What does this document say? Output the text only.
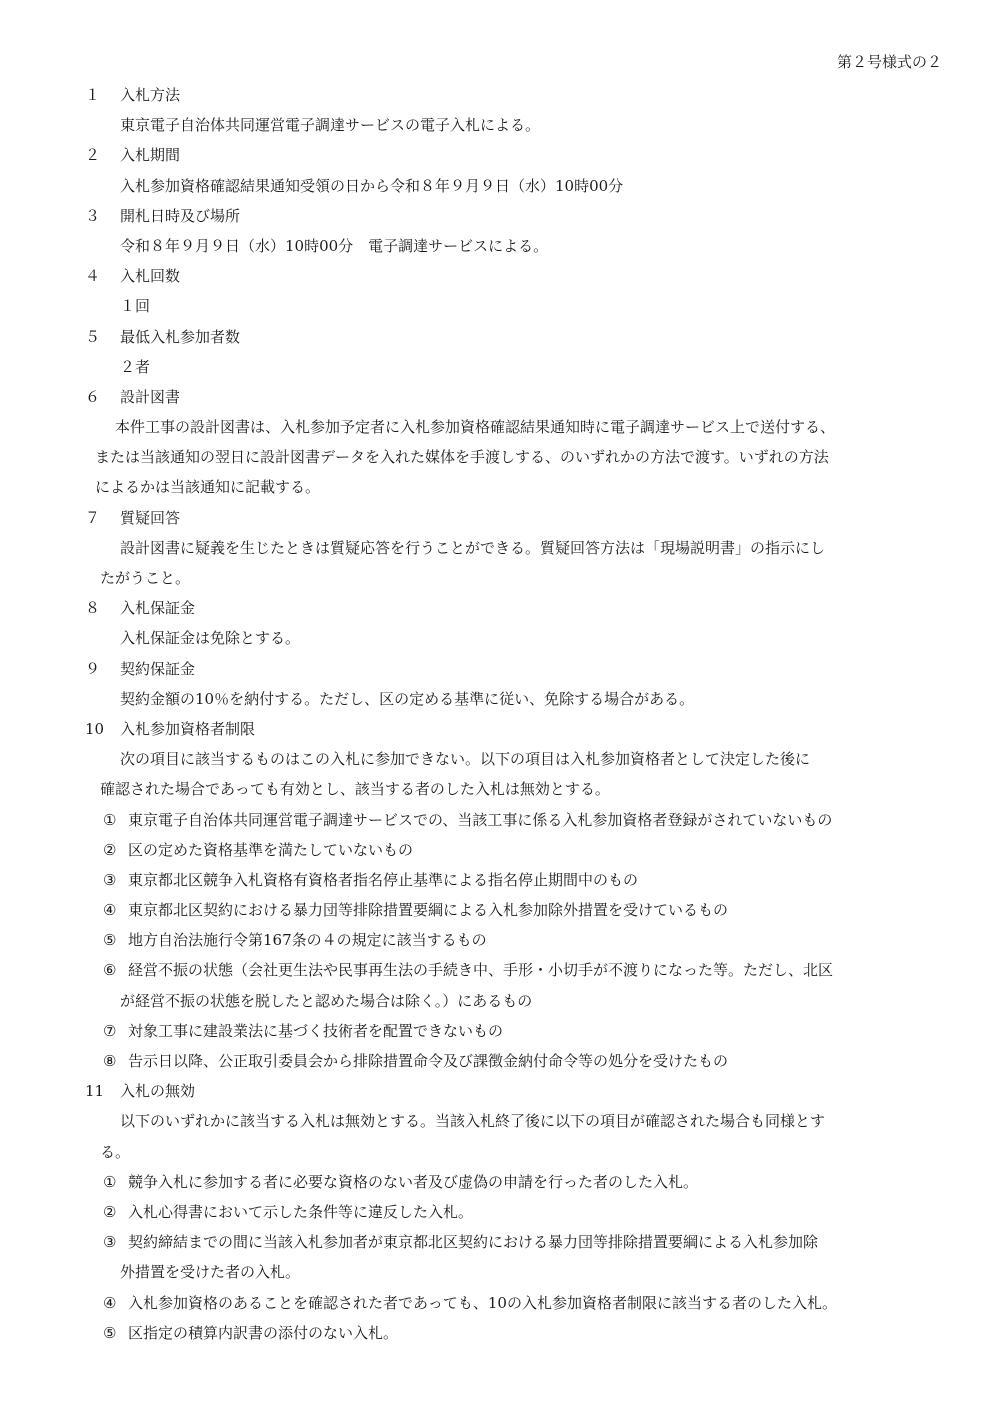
第２号様式の２
１	入札方法
東京電子自治体共同運営電子調達サービスの電子入札による。
２	入札期間
入札参加資格確認結果通知受領の日から令和８年９月９日（水）10時00分
３	開札日時及び場所
令和８年９月９日（水）10時00分　電子調達サービスによる。
４	入札回数
１回
５	最低入札参加者数
２者
６	設計図書
本件工事の設計図書は、入札参加予定者に入札参加資格確認結果通知時に電子調達サービス上で送付する、
または当該通知の翌日に設計図書データを入れた媒体を手渡しする、のいずれかの方法で渡す。いずれの方法
によるかは当該通知に記載する。
７	質疑回答
設計図書に疑義を生じたときは質疑応答を行うことができる。質疑回答方法は「現場説明書」の指示にし
たがうこと。
８	入札保証金
入札保証金は免除とする。
９	契約保証金
契約金額の10％を納付する。ただし、区の定める基準に従い、免除する場合がある。
10	入札参加資格者制限
次の項目に該当するものはこの入札に参加できない。以下の項目は入札参加資格者として決定した後に
確認された場合であっても有効とし、該当する者のした入札は無効とする。
① 東京電子自治体共同運営電子調達サービスでの、当該工事に係る入札参加資格者登録がされていないもの
② 区の定めた資格基準を満たしていないもの
③ 東京都北区競争入札資格有資格者指名停止基準による指名停止期間中のもの
④ 東京都北区契約における暴力団等排除措置要綱による入札参加除外措置を受けているもの
⑤ 地方自治法施行令第167条の４の規定に該当するもの
⑥ 経営不振の状態（会社更生法や民事再生法の手続き中、手形・小切手が不渡りになった等。ただし、北区
が経営不振の状態を脱したと認めた場合は除く。）にあるもの
⑦ 対象工事に建設業法に基づく技術者を配置できないもの
⑧ 告示日以降、公正取引委員会から排除措置命令及び課徴金納付命令等の処分を受けたもの
11	入札の無効
以下のいずれかに該当する入札は無効とする。当該入札終了後に以下の項目が確認された場合も同様とす
る。
① 競争入札に参加する者に必要な資格のない者及び虚偽の申請を行った者のした入札。
② 入札心得書において示した条件等に違反した入札。
③ 契約締結までの間に当該入札参加者が東京都北区契約における暴力団等排除措置要綱による入札参加除
外措置を受けた者の入札。
④ 入札参加資格のあることを確認された者であっても、10の入札参加資格者制限に該当する者のした入札。
⑤ 区指定の積算内訳書の添付のない入札。
